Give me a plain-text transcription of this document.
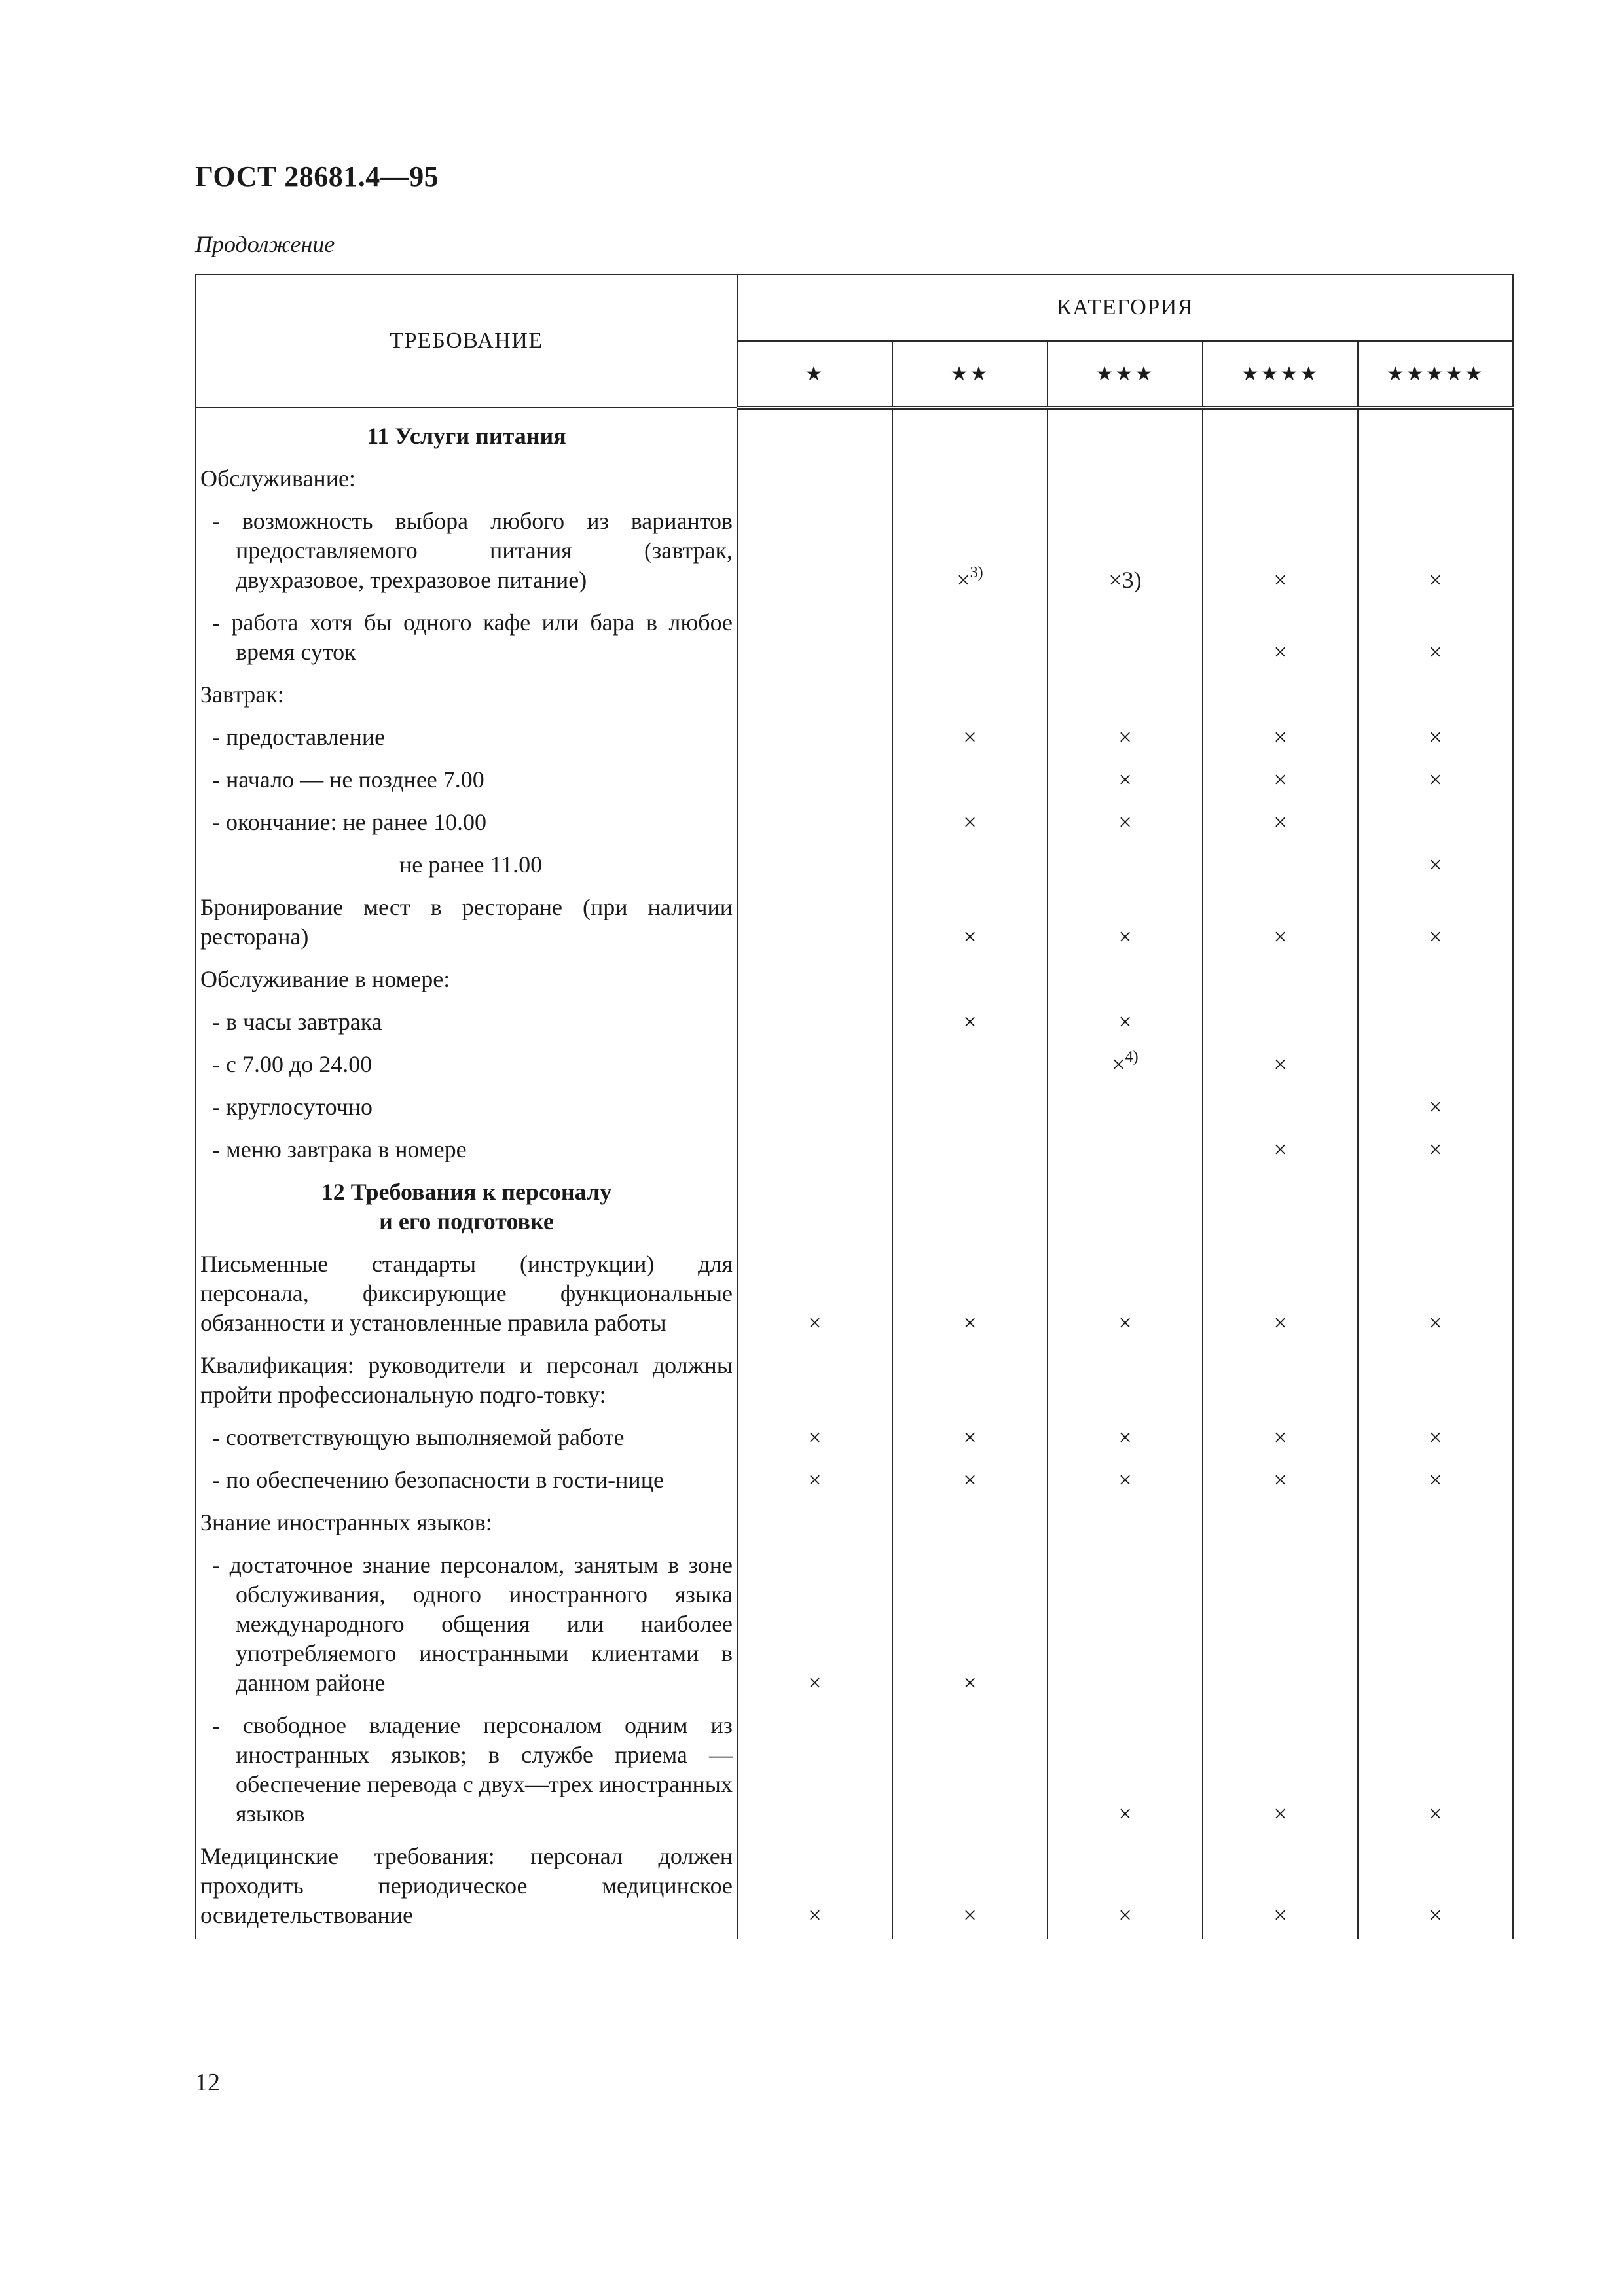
ГОСТ 28681.4—95

Продолжение

ТРЕБОВАНИЕ	КАТЕГОРИЯ				
	★	★★	★★★	★★★★	★★★★★
11 Услуги питания					
Обслуживание:					
- возможность выбора любого из вариантов предоставляемого питания (завтрак, двухразовое, трехразовое питание)		×$^{3)}$	×3)	×	×
- работа хотя бы одного кафе или бара в любое время суток				×	×
Завтрак:					
- предоставление		×	×	×	×
- начало — не позднее 7.00			×	×	×
- окончание: не ранее 10.00		×	×	×	
не ранее 11.00					×
Бронирование мест в ресторане (при наличии ресторана)		×	×	×	×
Обслуживание в номере:					
- в часы завтрака		×	×		
- с 7.00 до 24.00			×$^{4)}$	×	
- круглосуточно					×
- меню завтрака в номере				×	×
12 Требования к персоналу
и его подготовке					
Письменные стандарты (инструкции) для персонала, фиксирующие функциональные обязанности и установленные правила работы	×	×	×	×	×
Квалификация: руководители и персонал должны пройти профессиональную подго-товку:					
- соответствующую выполняемой работе	×	×	×	×	×
- по обеспечению безопасности в гости-нице	×	×	×	×	×
Знание иностранных языков:					
- достаточное знание персоналом, занятым в зоне обслуживания, одного иностранного языка международного общения или наиболее употребляемого иностранными клиентами в данном районе	×	×			
- свободное владение персоналом одним из иностранных языков; в службе приема — обеспечение перевода с двух—трех иностранных языков			×	×	×
Медицинские требования: персонал должен проходить периодическое медицинское освидетельствование	×	×	×	×	×

12
